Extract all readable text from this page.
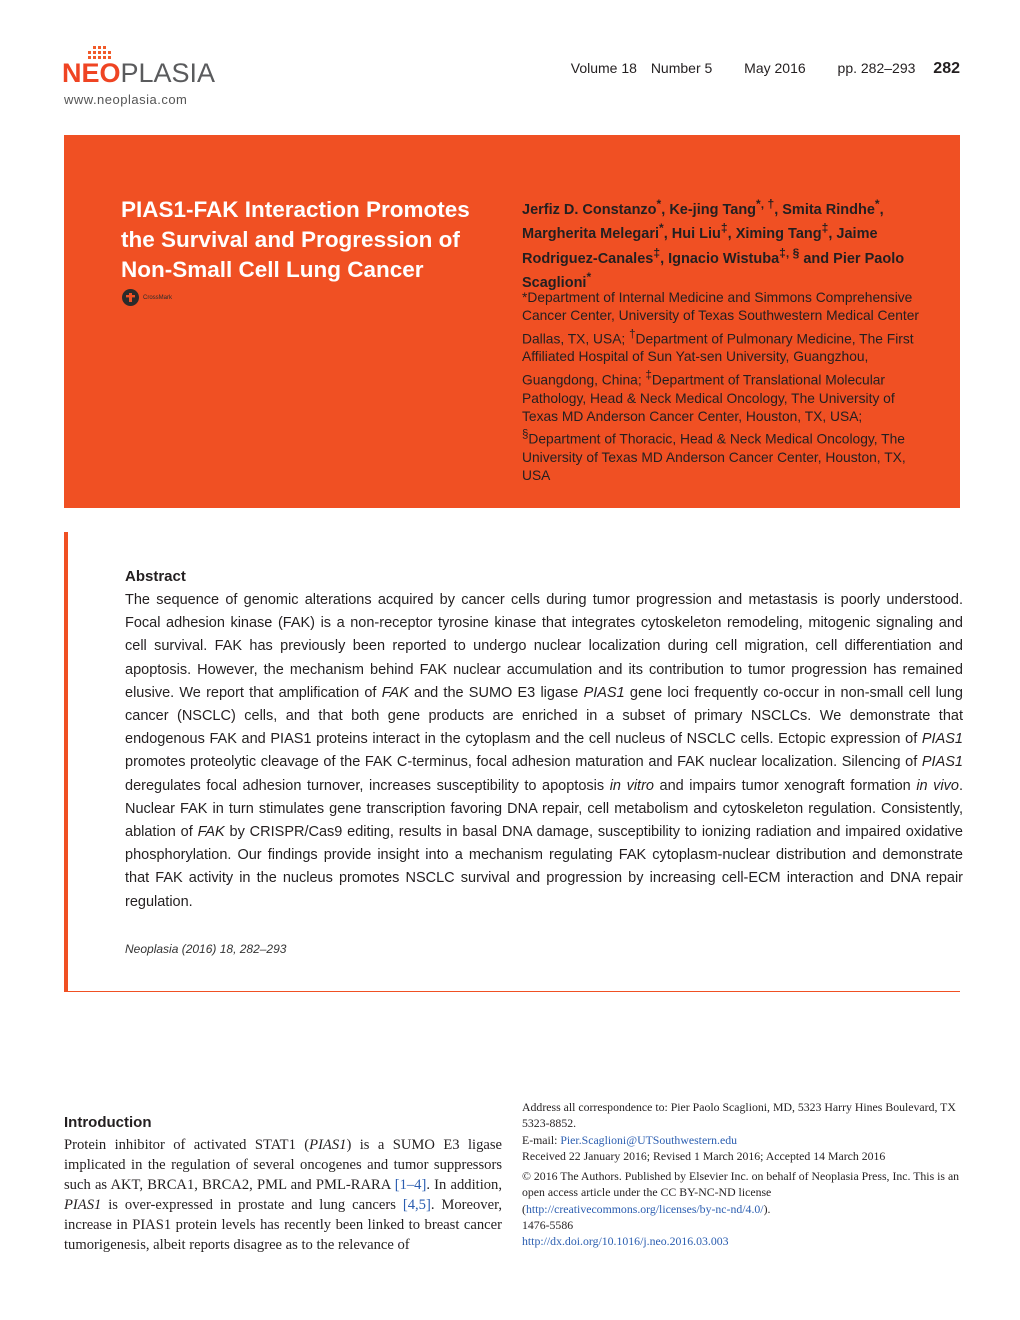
NEOPLASIA
www.neoplasia.com
Volume 18 Number 5 May 2016 pp. 282–293 282
PIAS1-FAK Interaction Promotes the Survival and Progression of Non-Small Cell Lung Cancer
CrossMark
Jerfiz D. Constanzo*, Ke-jing Tang*, †, Smita Rindhe*, Margherita Melegari*, Hui Liu‡, Ximing Tang‡, Jaime Rodriguez-Canales‡, Ignacio Wistuba‡, § and Pier Paolo Scaglioni*
*Department of Internal Medicine and Simmons Comprehensive Cancer Center, University of Texas Southwestern Medical Center Dallas, TX, USA; †Department of Pulmonary Medicine, The First Affiliated Hospital of Sun Yat-sen University, Guangzhou, Guangdong, China; ‡Department of Translational Molecular Pathology, Head & Neck Medical Oncology, The University of Texas MD Anderson Cancer Center, Houston, TX, USA; §Department of Thoracic, Head & Neck Medical Oncology, The University of Texas MD Anderson Cancer Center, Houston, TX, USA
Abstract
The sequence of genomic alterations acquired by cancer cells during tumor progression and metastasis is poorly understood. Focal adhesion kinase (FAK) is a non-receptor tyrosine kinase that integrates cytoskeleton remodeling, mitogenic signaling and cell survival. FAK has previously been reported to undergo nuclear localization during cell migration, cell differentiation and apoptosis. However, the mechanism behind FAK nuclear accumulation and its contribution to tumor progression has remained elusive. We report that amplification of FAK and the SUMO E3 ligase PIAS1 gene loci frequently co-occur in non-small cell lung cancer (NSCLC) cells, and that both gene products are enriched in a subset of primary NSCLCs. We demonstrate that endogenous FAK and PIAS1 proteins interact in the cytoplasm and the cell nucleus of NSCLC cells. Ectopic expression of PIAS1 promotes proteolytic cleavage of the FAK C-terminus, focal adhesion maturation and FAK nuclear localization. Silencing of PIAS1 deregulates focal adhesion turnover, increases susceptibility to apoptosis in vitro and impairs tumor xenograft formation in vivo. Nuclear FAK in turn stimulates gene transcription favoring DNA repair, cell metabolism and cytoskeleton regulation. Consistently, ablation of FAK by CRISPR/Cas9 editing, results in basal DNA damage, susceptibility to ionizing radiation and impaired oxidative phosphorylation. Our findings provide insight into a mechanism regulating FAK cytoplasm-nuclear distribution and demonstrate that FAK activity in the nucleus promotes NSCLC survival and progression by increasing cell-ECM interaction and DNA repair regulation.
Neoplasia (2016) 18, 282–293
Introduction
Protein inhibitor of activated STAT1 (PIAS1) is a SUMO E3 ligase implicated in the regulation of several oncogenes and tumor suppressors such as AKT, BRCA1, BRCA2, PML and PML-RARA [1–4]. In addition, PIAS1 is over-expressed in prostate and lung cancers [4,5]. Moreover, increase in PIAS1 protein levels has recently been linked to breast cancer tumorigenesis, albeit reports disagree as to the relevance of

Address all correspondence to: Pier Paolo Scaglioni, MD, 5323 Harry Hines Boulevard, TX 5323-8852.

E-mail: Pier.Scaglioni@UTSouthwestern.edu

Received 22 January 2016; Revised 1 March 2016; Accepted 14 March 2016

© 2016 The Authors. Published by Elsevier Inc. on behalf of Neoplasia Press, Inc. This is an open access article under the CC BY-NC-ND license (http://creativecommons.org/licenses/by-nc-nd/4.0/).

1476-5586

http://dx.doi.org/10.1016/j.neo.2016.03.003
